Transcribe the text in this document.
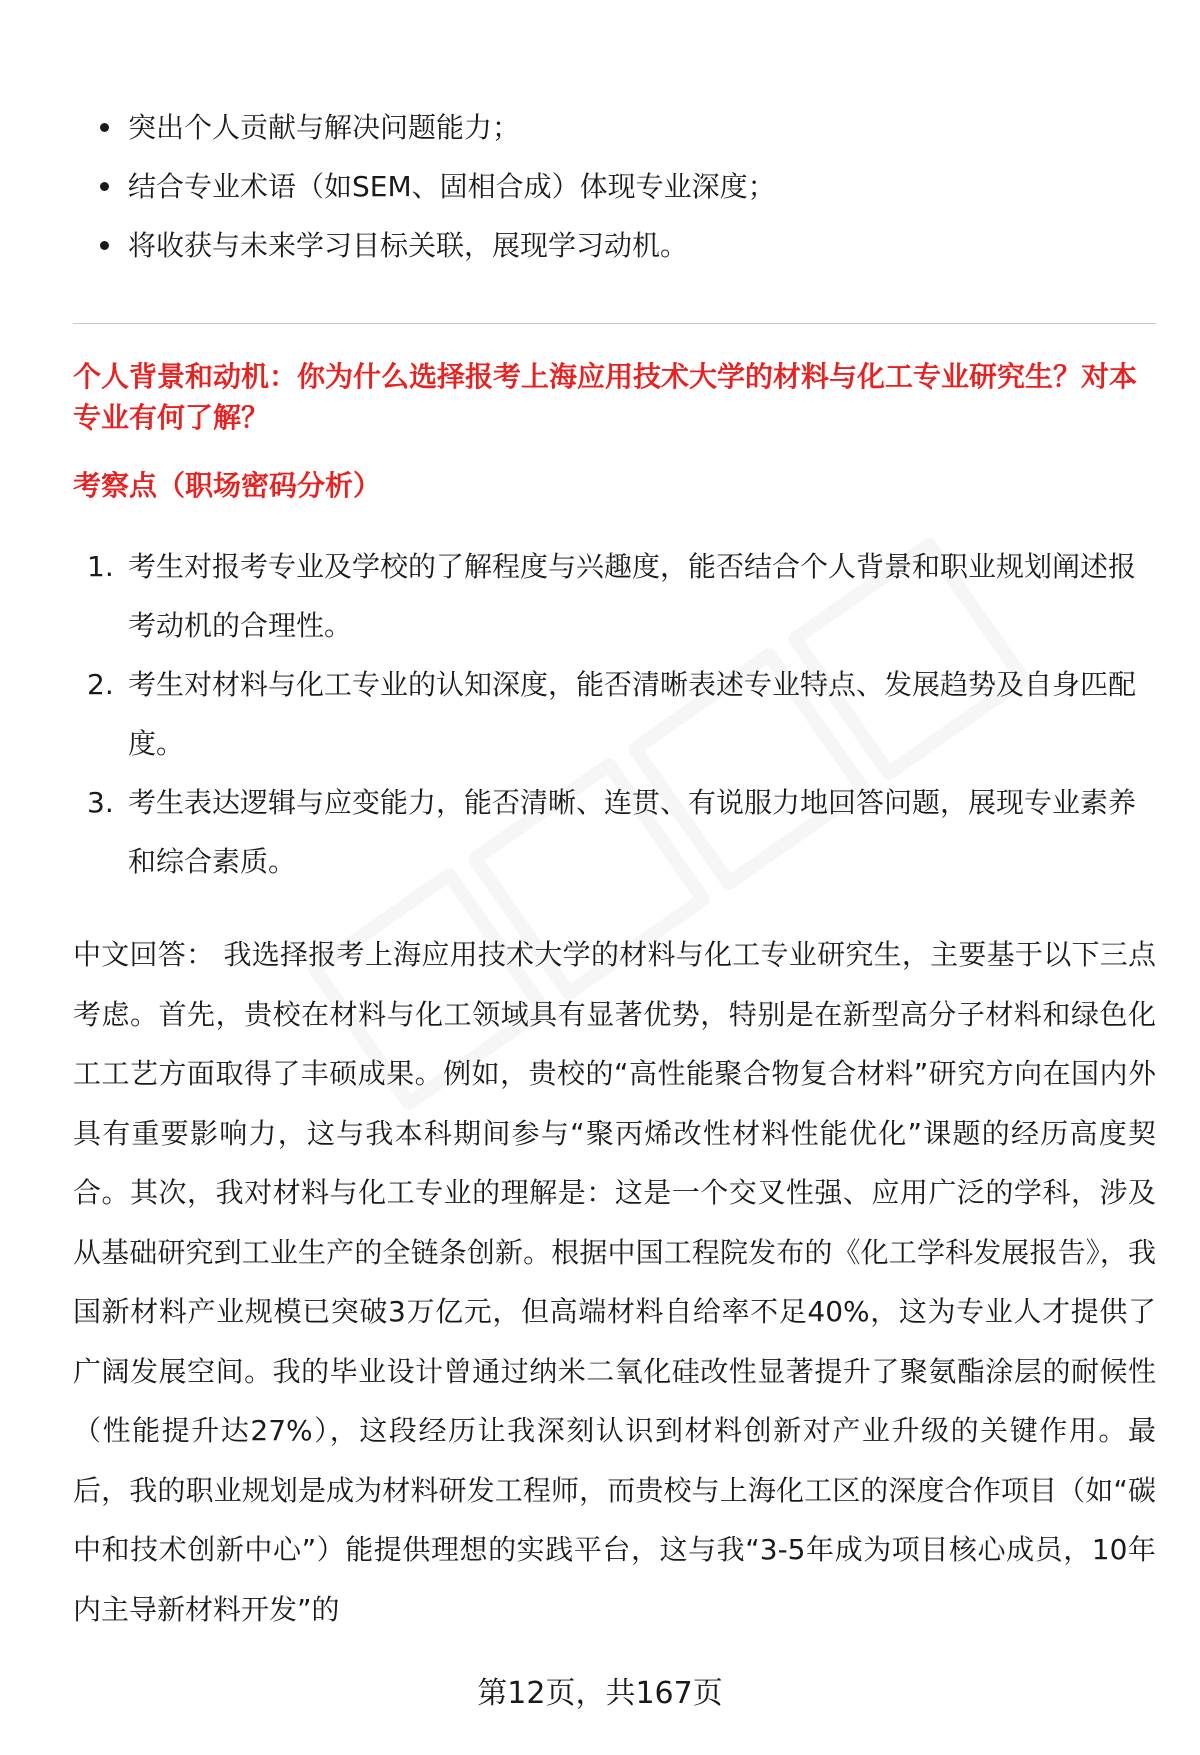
突出个人贡献与解决问题能力；
结合专业术语（如SEM、固相合成）体现专业深度；
将收获与未来学习目标关联，展现学习动机。
个人背景和动机：你为什么选择报考上海应用技术大学的材料与化工专业研究生？对本专业有何了解？
考察点（职场密码分析）
1. 考生对报考专业及学校的了解程度与兴趣度，能否结合个人背景和职业规划阐述报考动机的合理性。
2. 考生对材料与化工专业的认知深度，能否清晰表述专业特点、发展趋势及自身匹配度。
3. 考生表达逻辑与应变能力，能否清晰、连贯、有说服力地回答问题，展现专业素养和综合素质。
中文回答： 我选择报考上海应用技术大学的材料与化工专业研究生，主要基于以下三点考虑。首先，贵校在材料与化工领域具有显著优势，特别是在新型高分子材料和绿色化工工艺方面取得了丰硕成果。例如，贵校的“高性能聚合物复合材料”研究方向在国内外具有重要影响力，这与我本科期间参与“聚丙烯改性材料性能优化”课题的经历高度契合。其次，我对材料与化工专业的理解是：这是一个交叉性强、应用广泛的学科，涉及从基础研究到工业生产的全链条创新。根据中国工程院发布的《化工学科发展报告》，我国新材料产业规模已突破3万亿元，但高端材料自给率不足40%，这为专业人才提供了广阔发展空间。我的毕业设计曾通过纳米二氧化硅改性显著提升了聚氨酯涂层的耐候性（性能提升达27%），这段经历让我深刻认识到材料创新对产业升级的关键作用。最后，我的职业规划是成为材料研发工程师，而贵校与上海化工区的深度合作项目（如“碳中和技术创新中心”）能提供理想的实践平台，这与我“3-5年成为项目核心成员，10年内主导新材料开发”的
第12页，共167页
